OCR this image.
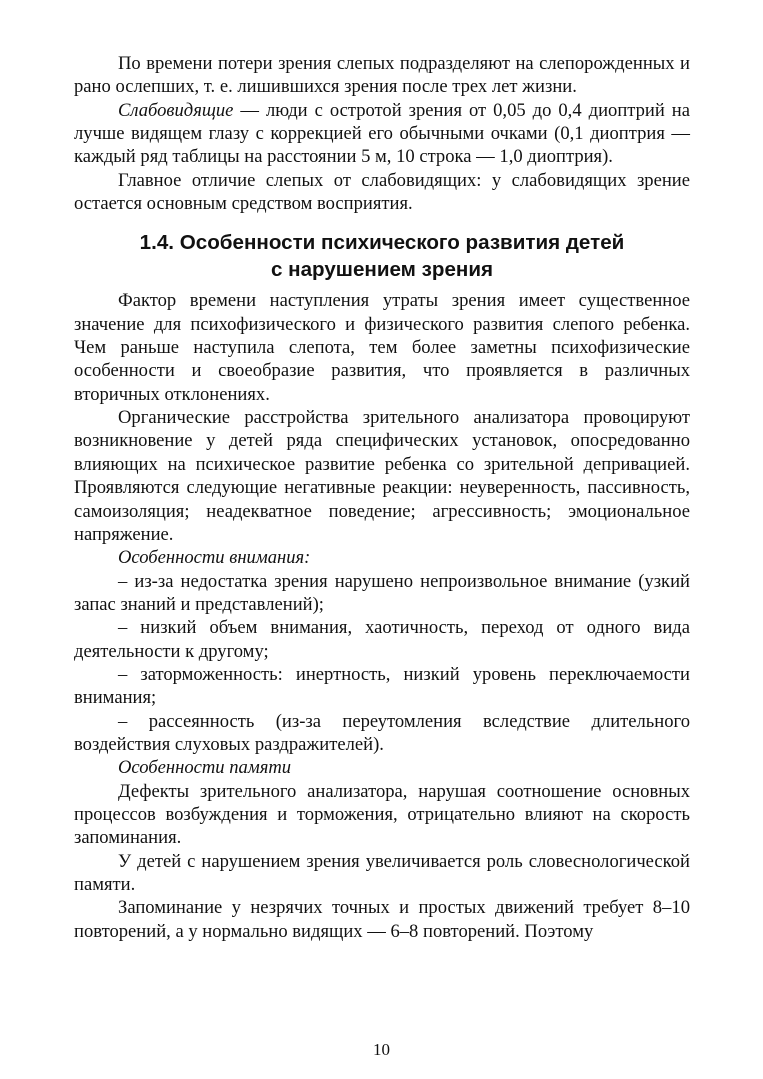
По времени потери зрения слепых подразделяют на слепорожденных и рано ослепших, т. е. лишившихся зрения после трех лет жизни.

Слабовидящие — люди с остротой зрения от 0,05 до 0,4 диоптрий на лучше видящем глазу с коррекцией его обычными очками (0,1 диоптрия — каждый ряд таблицы на расстоянии 5 м, 10 строка — 1,0 диоптрия).

Главное отличие слепых от слабовидящих: у слабовидящих зрение остается основным средством восприятия.

1.4. Особенности психического развития детей
с нарушением зрения

Фактор времени наступления утраты зрения имеет существенное значение для психофизического и физического развития слепого ребенка. Чем раньше наступила слепота, тем более заметны психофизические особенности и своеобразие развития, что проявляется в различных вторичных отклонениях.

Органические расстройства зрительного анализатора провоцируют возникновение у детей ряда специфических установок, опосредованно влияющих на психическое развитие ребенка со зрительной депривацией. Проявляются следующие негативные реакции: неуверенность, пассивность, самоизоляция; неадекватное поведение; агрессивность; эмоциональное напряжение.

Особенности внимания:

– из-за недостатка зрения нарушено непроизвольное внимание (узкий запас знаний и представлений);

– низкий объем внимания, хаотичность, переход от одного вида деятельности к другому;

– заторможенность: инертность, низкий уровень переключаемости внимания;

– рассеянность (из-за переутомления вследствие длительного воздействия слуховых раздражителей).

Особенности памяти

Дефекты зрительного анализатора, нарушая соотношение основных процессов возбуждения и торможения, отрицательно влияют на скорость запоминания.

У детей с нарушением зрения увеличивается роль словеснологической памяти.

Запоминание у незрячих точных и простых движений требует 8–10 повторений, а у нормально видящих — 6–8 повторений. Поэтому

10
